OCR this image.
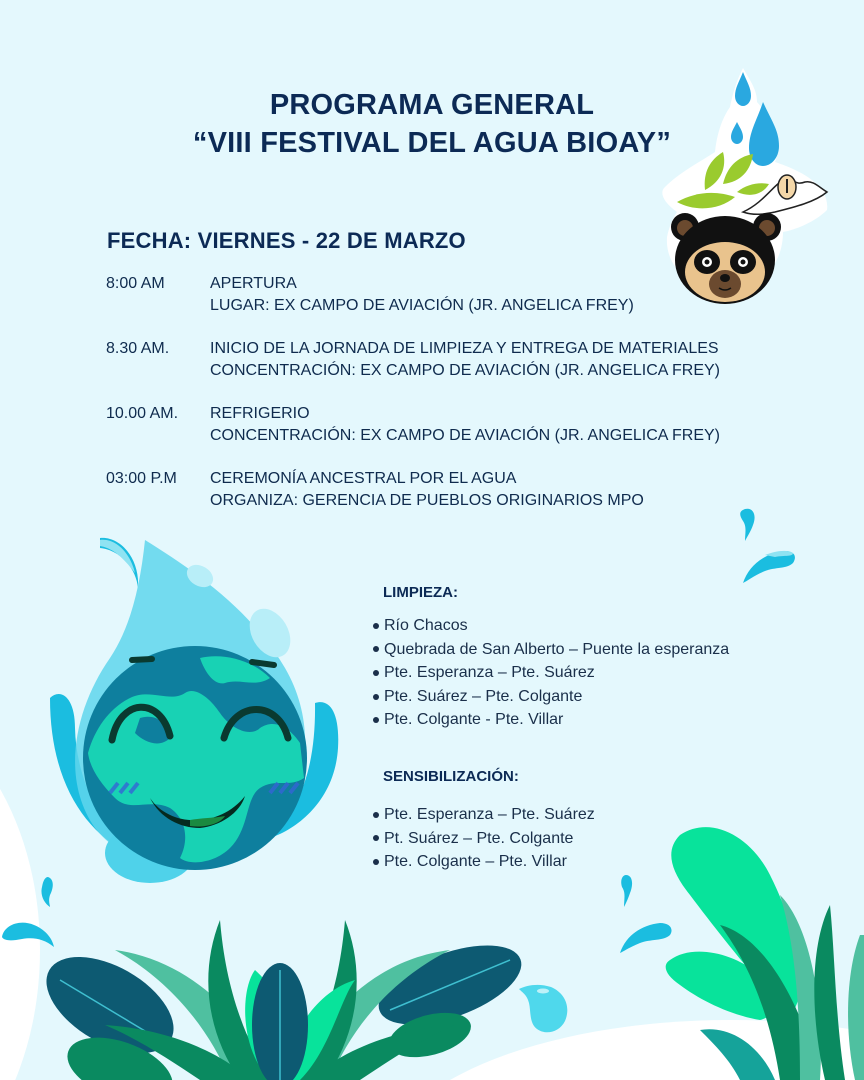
PROGRAMA GENERAL
“VIII FESTIVAL DEL AGUA BIOAY”
FECHA: VIERNES - 22 DE MARZO
8:00 AM	APERTURA
LUGAR: EX CAMPO DE AVIACIÓN (JR. ANGELICA FREY)
8.30 AM.	INICIO DE LA JORNADA DE LIMPIEZA Y ENTREGA DE MATERIALES
CONCENTRACIÓN: EX CAMPO DE AVIACIÓN (JR. ANGELICA FREY)
10.00 AM.	REFRIGERIO
CONCENTRACIÓN: EX CAMPO DE AVIACIÓN (JR. ANGELICA FREY)
03:00 P.M	CEREMONÍA ANCESTRAL POR EL AGUA
ORGANIZA: GERENCIA DE PUEBLOS ORIGINARIOS MPO
LIMPIEZA:
Río Chacos
Quebrada de San Alberto – Puente la esperanza
Pte. Esperanza – Pte. Suárez
Pte. Suárez – Pte. Colgante
Pte. Colgante - Pte. Villar
SENSIBILIZACIÓN:
Pte. Esperanza – Pte. Suárez
Pt. Suárez – Pte. Colgante
Pte. Colgante – Pte. Villar
